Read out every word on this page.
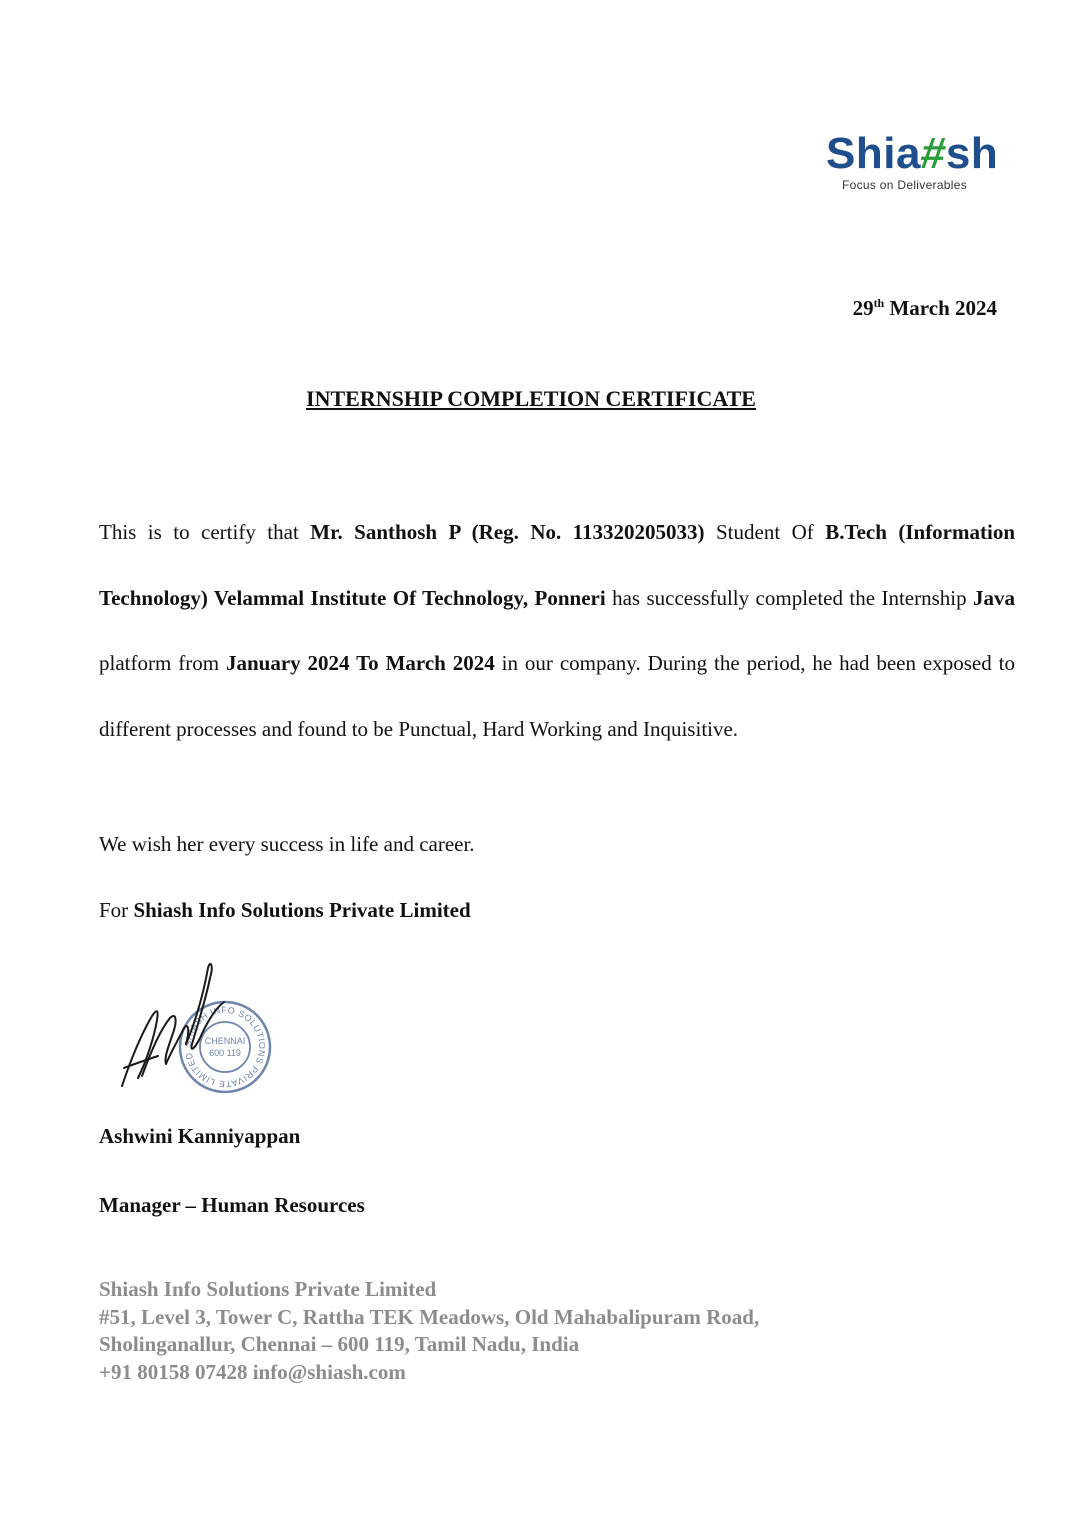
Shia#sh
Focus on Deliverables
29th March 2024
INTERNSHIP COMPLETION CERTIFICATE
This is to certify that Mr. Santhosh P (Reg. No. 113320205033) Student Of B.Tech (Information Technology) Velammal Institute Of Technology, Ponneri has successfully completed the Internship Java platform from January 2024 To March 2024 in our company. During the period, he had been exposed to different processes and found to be Punctual, Hard Working and Inquisitive.
We wish her every success in life and career.
For Shiash Info Solutions Private Limited
SHIASH INFO SOLUTIONS PRIVATE LIMITED
CHENNAI
600 119
Ashwini Kanniyappan
Manager – Human Resources
Shiash Info Solutions Private Limited
#51, Level 3, Tower C, Rattha TEK Meadows, Old Mahabalipuram Road,
Sholinganallur, Chennai – 600 119, Tamil Nadu, India
+91 80158 07428 info@shiash.com
